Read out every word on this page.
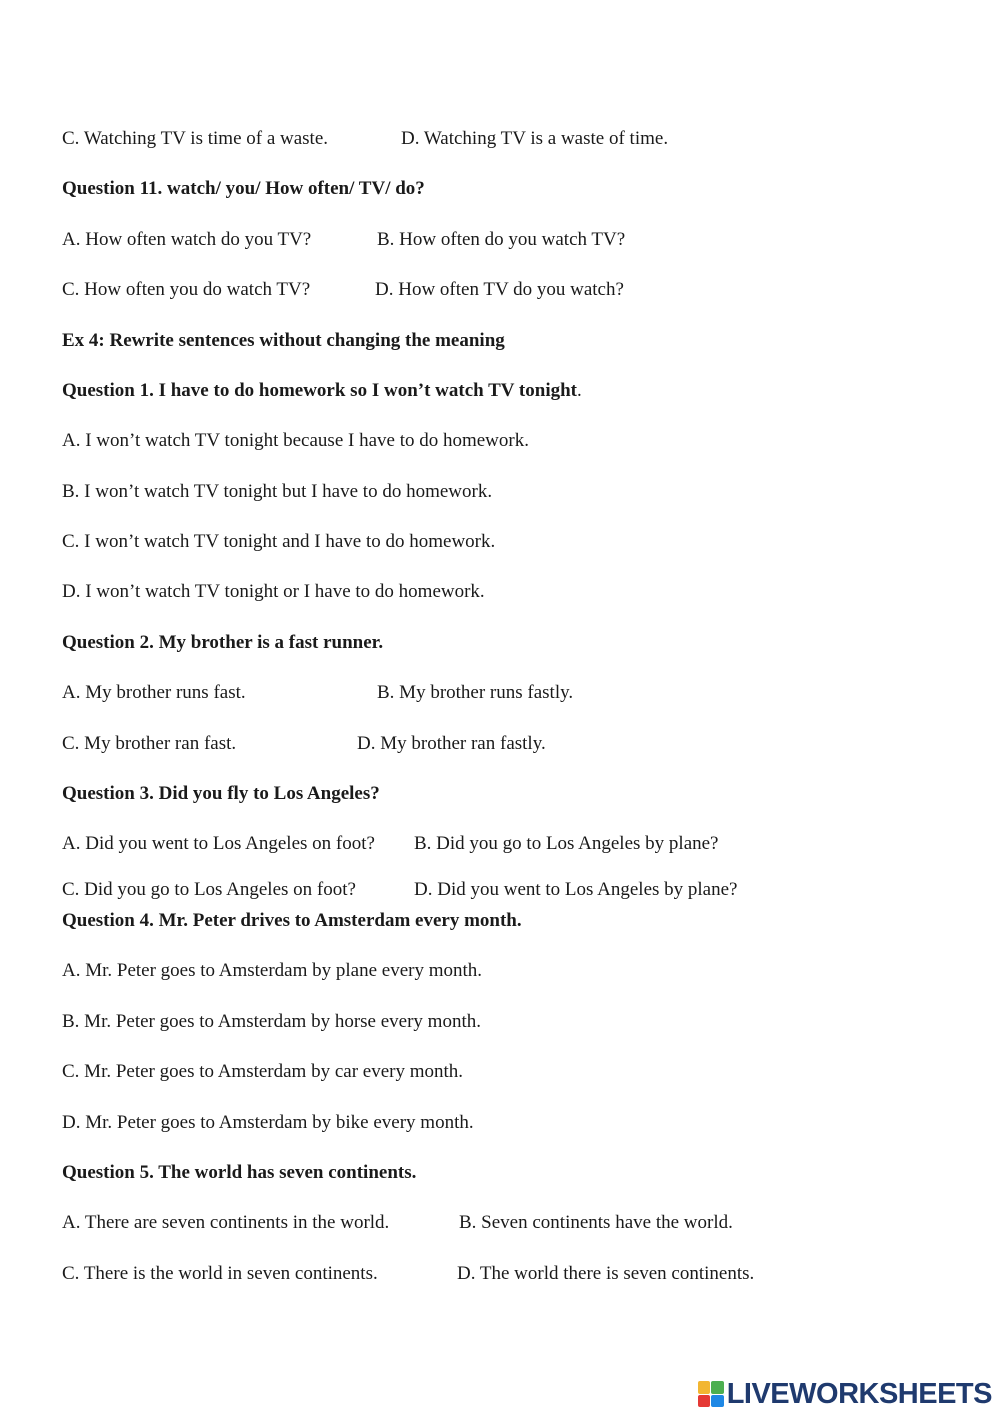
C. Watching TV is time of a waste.	D. Watching TV is a waste of time.
Question 11. watch/ you/ How often/ TV/ do?
A. How often watch do you TV?	B. How often do you watch TV?
C. How often you do watch TV?	D. How often TV do you watch?
Ex 4: Rewrite sentences without changing the meaning
Question 1. I have to do homework so I won’t watch TV tonight.
A. I won’t watch TV tonight because I have to do homework.
B. I won’t watch TV tonight but I have to do homework.
C. I won’t watch TV tonight and I have to do homework.
D. I won’t watch TV tonight or I have to do homework.
Question 2. My brother is a fast runner.
A. My brother runs fast.	B. My brother runs fastly.
C. My brother ran fast.	D. My brother ran fastly.
Question 3. Did you fly to Los Angeles?
A. Did you went to Los Angeles on foot? B. Did you go to Los Angeles by plane?
C. Did you go to Los Angeles on foot?	D. Did you went to Los Angeles by plane?
Question 4. Mr. Peter drives to Amsterdam every month.
A. Mr. Peter goes to Amsterdam by plane every month.
B. Mr. Peter goes to Amsterdam by horse every month.
C. Mr. Peter goes to Amsterdam by car every month.
D. Mr. Peter goes to Amsterdam by bike every month.
Question 5. The world has seven continents.
A. There are seven continents in the world.	B. Seven continents have the world.
C. There is the world in seven continents.	D. The world there is seven continents.
LIVEWORKSHEETS
